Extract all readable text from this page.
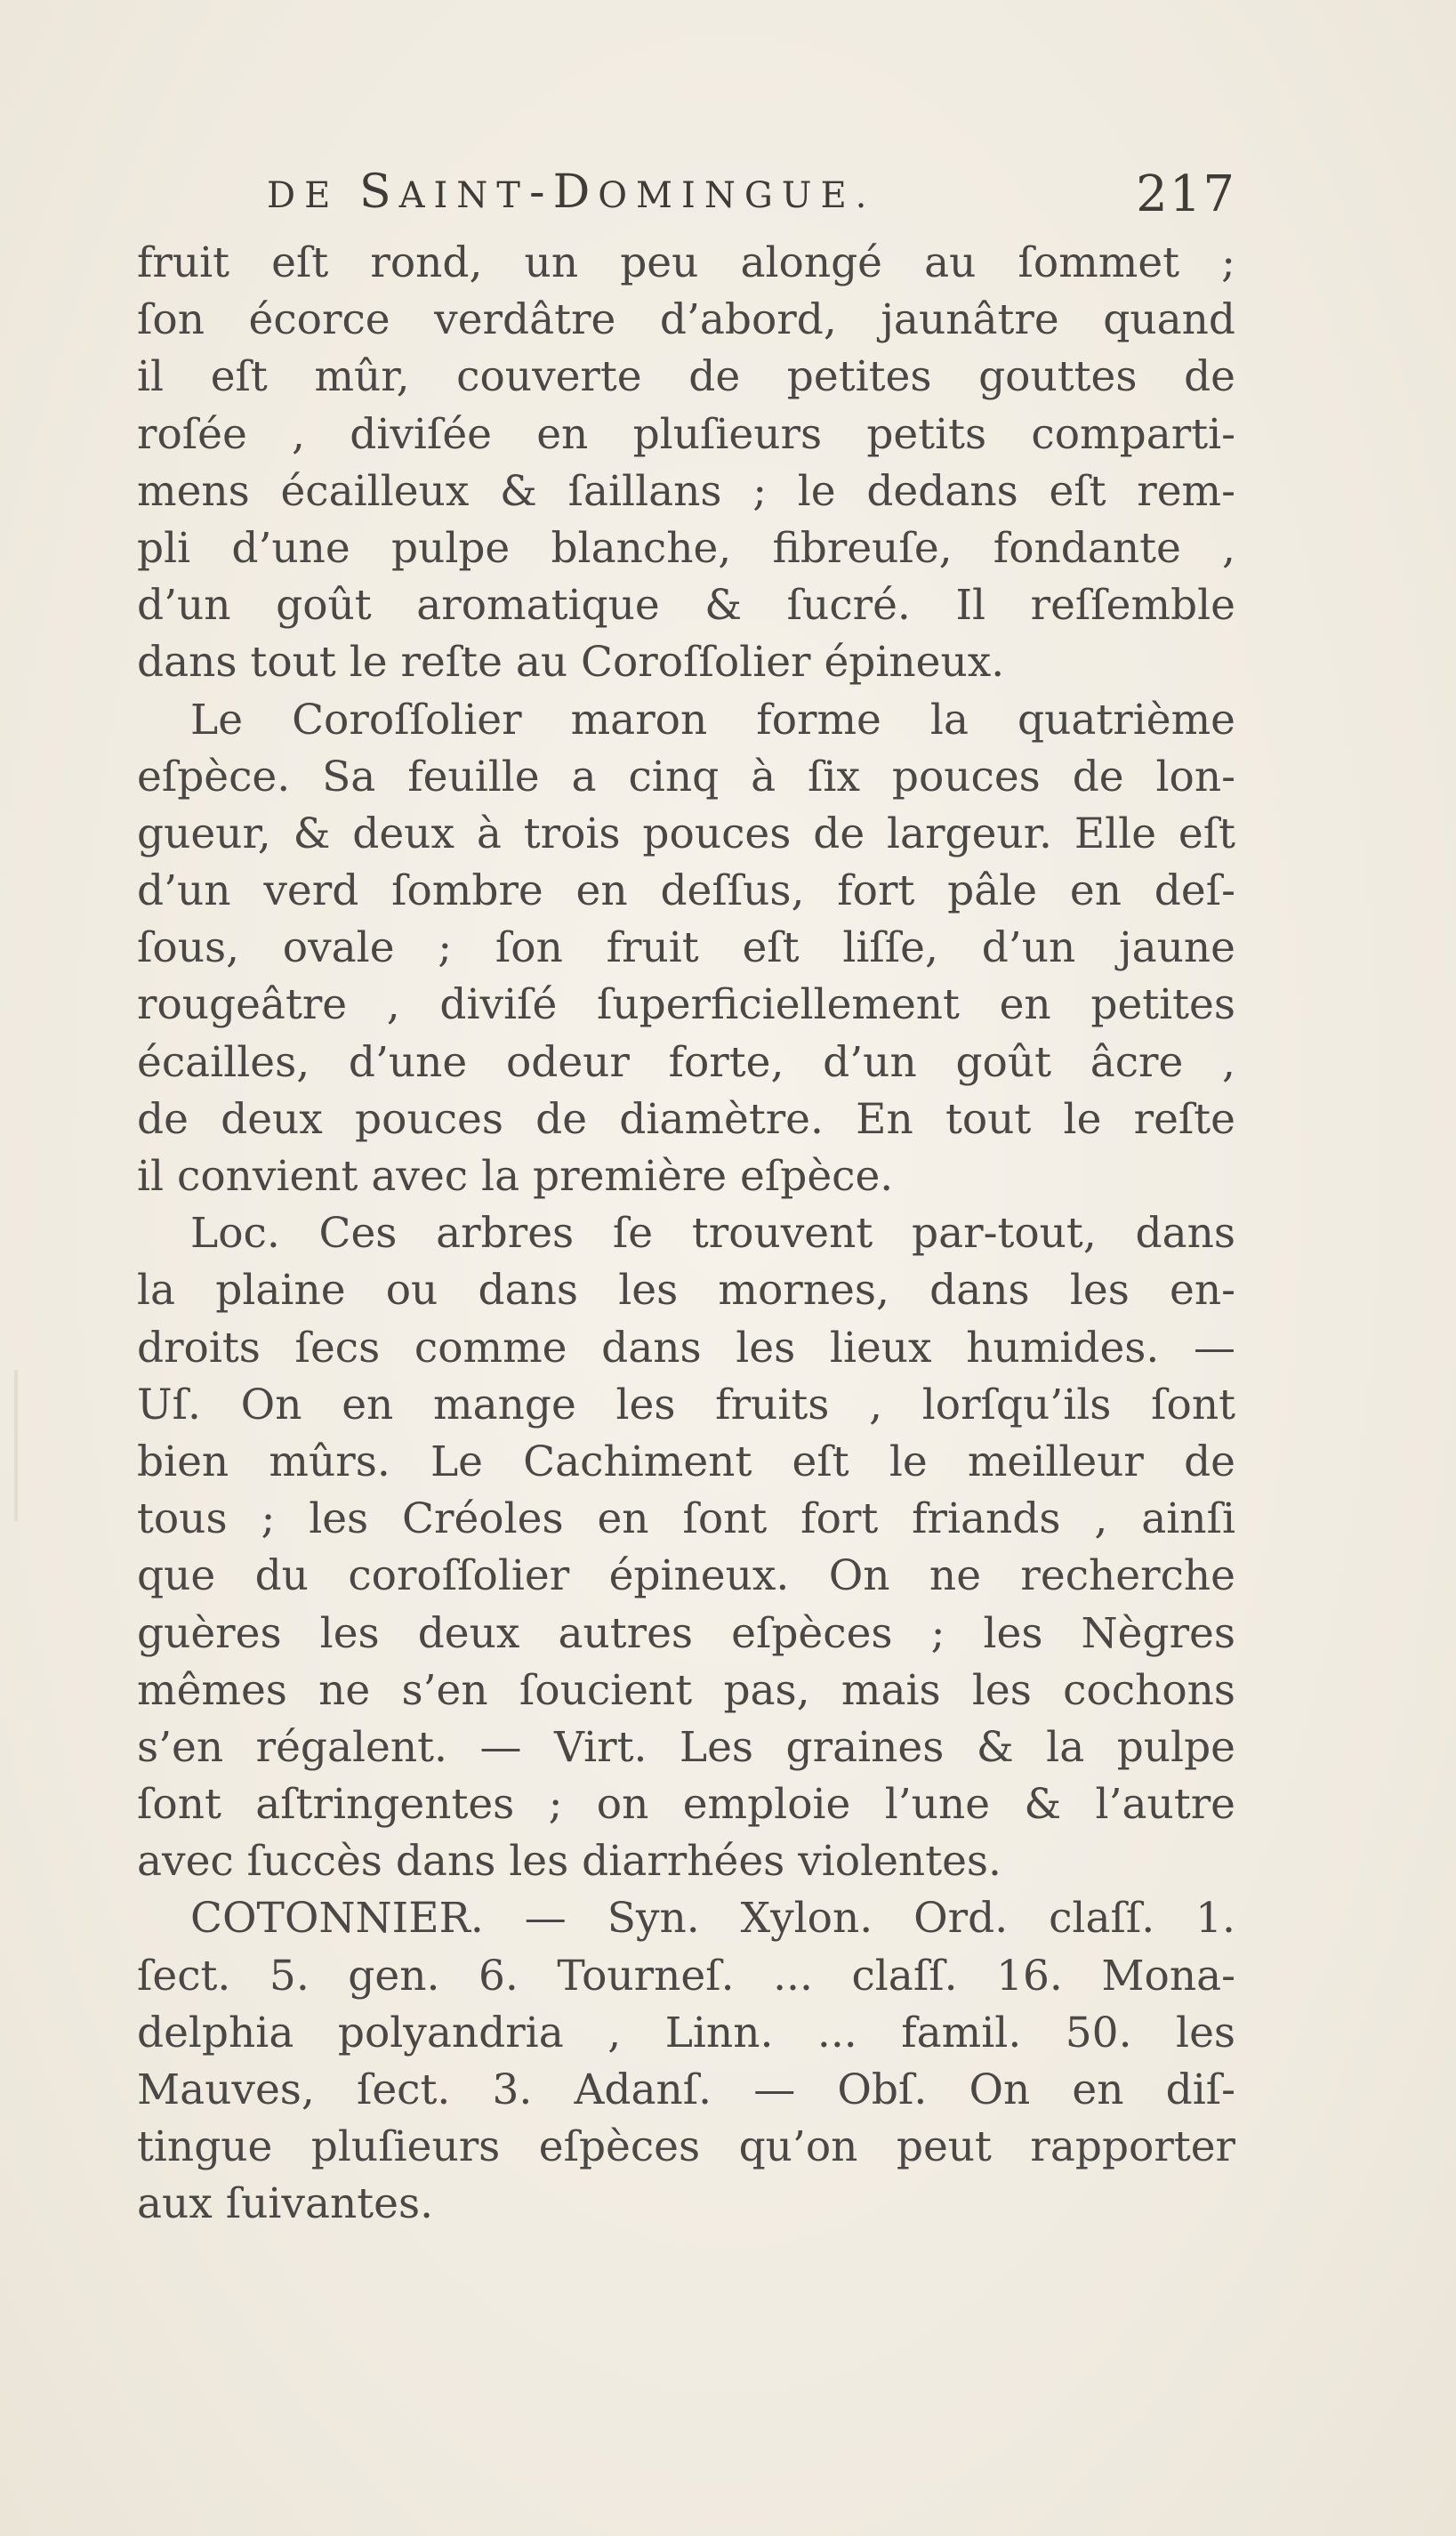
DE SAINT-DOMINGUE.	217
fruit eſt rond, un peu alongé au ſommet ;
ſon écorce verdâtre d’abord, jaunâtre quand
il eſt mûr, couverte de petites gouttes de
roſée , diviſée en pluſieurs petits comparti-
mens écailleux & ſaillans ; le dedans eſt rem-
pli d’une pulpe blanche, fibreuſe, fondante ,
d’un goût aromatique & ſucré. Il reſſemble
dans tout le reſte au Coroſſolier épineux.
Le Coroſſolier maron forme la quatrième
eſpèce. Sa feuille a cinq à ſix pouces de lon-
gueur, & deux à trois pouces de largeur. Elle eſt
d’un verd ſombre en deſſus, fort pâle en deſ-
ſous, ovale ; ſon fruit eſt liſſe, d’un jaune
rougeâtre , diviſé ſuperficiellement en petites
écailles, d’une odeur forte, d’un goût âcre ,
de deux pouces de diamètre. En tout le reſte
il convient avec la première eſpèce.
Loc. Ces arbres ſe trouvent par-tout, dans
la plaine ou dans les mornes, dans les en-
droits ſecs comme dans les lieux humides. —
Uſ. On en mange les fruits , lorſqu’ils ſont
bien mûrs. Le Cachiment eſt le meilleur de
tous ; les Créoles en ſont fort friands , ainſi
que du coroſſolier épineux. On ne recherche
guères les deux autres eſpèces ; les Nègres
mêmes ne s’en ſoucient pas, mais les cochons
s’en régalent. — Virt. Les graines & la pulpe
ſont aſtringentes ; on emploie l’une & l’autre
avec ſuccès dans les diarrhées violentes.
COTONNIER. — Syn. Xylon. Ord. claſſ. 1.
ſect. 5. gen. 6. Tourneſ. ... claſſ. 16. Mona-
delphia polyandria , Linn. ... famil. 50. les
Mauves, ſect. 3. Adanſ. — Obſ. On en diſ-
tingue pluſieurs eſpèces qu’on peut rapporter
aux ſuivantes.
